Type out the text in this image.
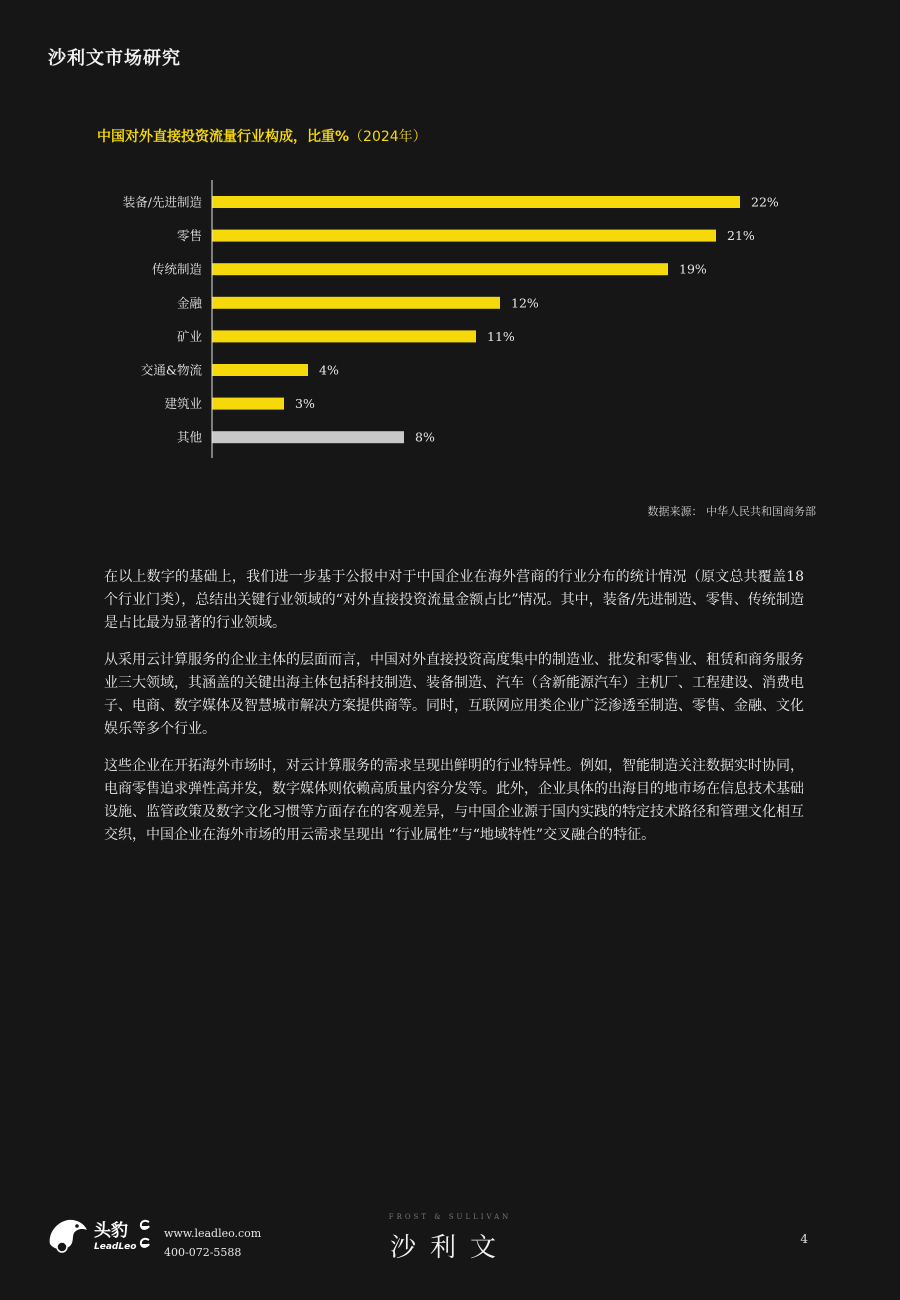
沙利文市场研究
中国对外直接投资流量行业构成，比重%（2024年）
装备/先进制造	22%
零售	21%
传统制造	19%
金融	12%
矿业	11%
交通&物流	4%
建筑业	3%
其他	8%
数据来源： 中华人民共和国商务部

在以上数字的基础上，我们进一步基于公报中对于中国企业在海外营商的行业分布的统计情况（原文总共覆盖18个行业门类），总结出关键行业领域的“对外直接投资流量金额占比”情况。其中，装备/先进制造、零售、传统制造是占比最为显著的行业领域。

从采用云计算服务的企业主体的层面而言，中国对外直接投资高度集中的制造业、批发和零售业、租赁和商务服务业三大领域，其涵盖的关键出海主体包括科技制造、装备制造、汽车（含新能源汽车）主机厂、工程建设、消费电子、电商、数字媒体及智慧城市解决方案提供商等。同时，互联网应用类企业广泛渗透至制造、零售、金融、文化娱乐等多个行业。

这些企业在开拓海外市场时，对云计算服务的需求呈现出鲜明的行业特异性。例如，智能制造关注数据实时协同，电商零售追求弹性高并发，数字媒体则依赖高质量内容分发等。此外，企业具体的出海目的地市场在信息技术基础设施、监管政策及数字文化习惯等方面存在的客观差异，与中国企业源于国内实践的特定技术路径和管理文化相互交织，中国企业在海外市场的用云需求呈现出 “行业属性”与“地域特性”交叉融合的特征。

头豹
LeadLeo
www.leadleo.com
400-072-5588
FROST & SULLIVAN
沙利文	4
